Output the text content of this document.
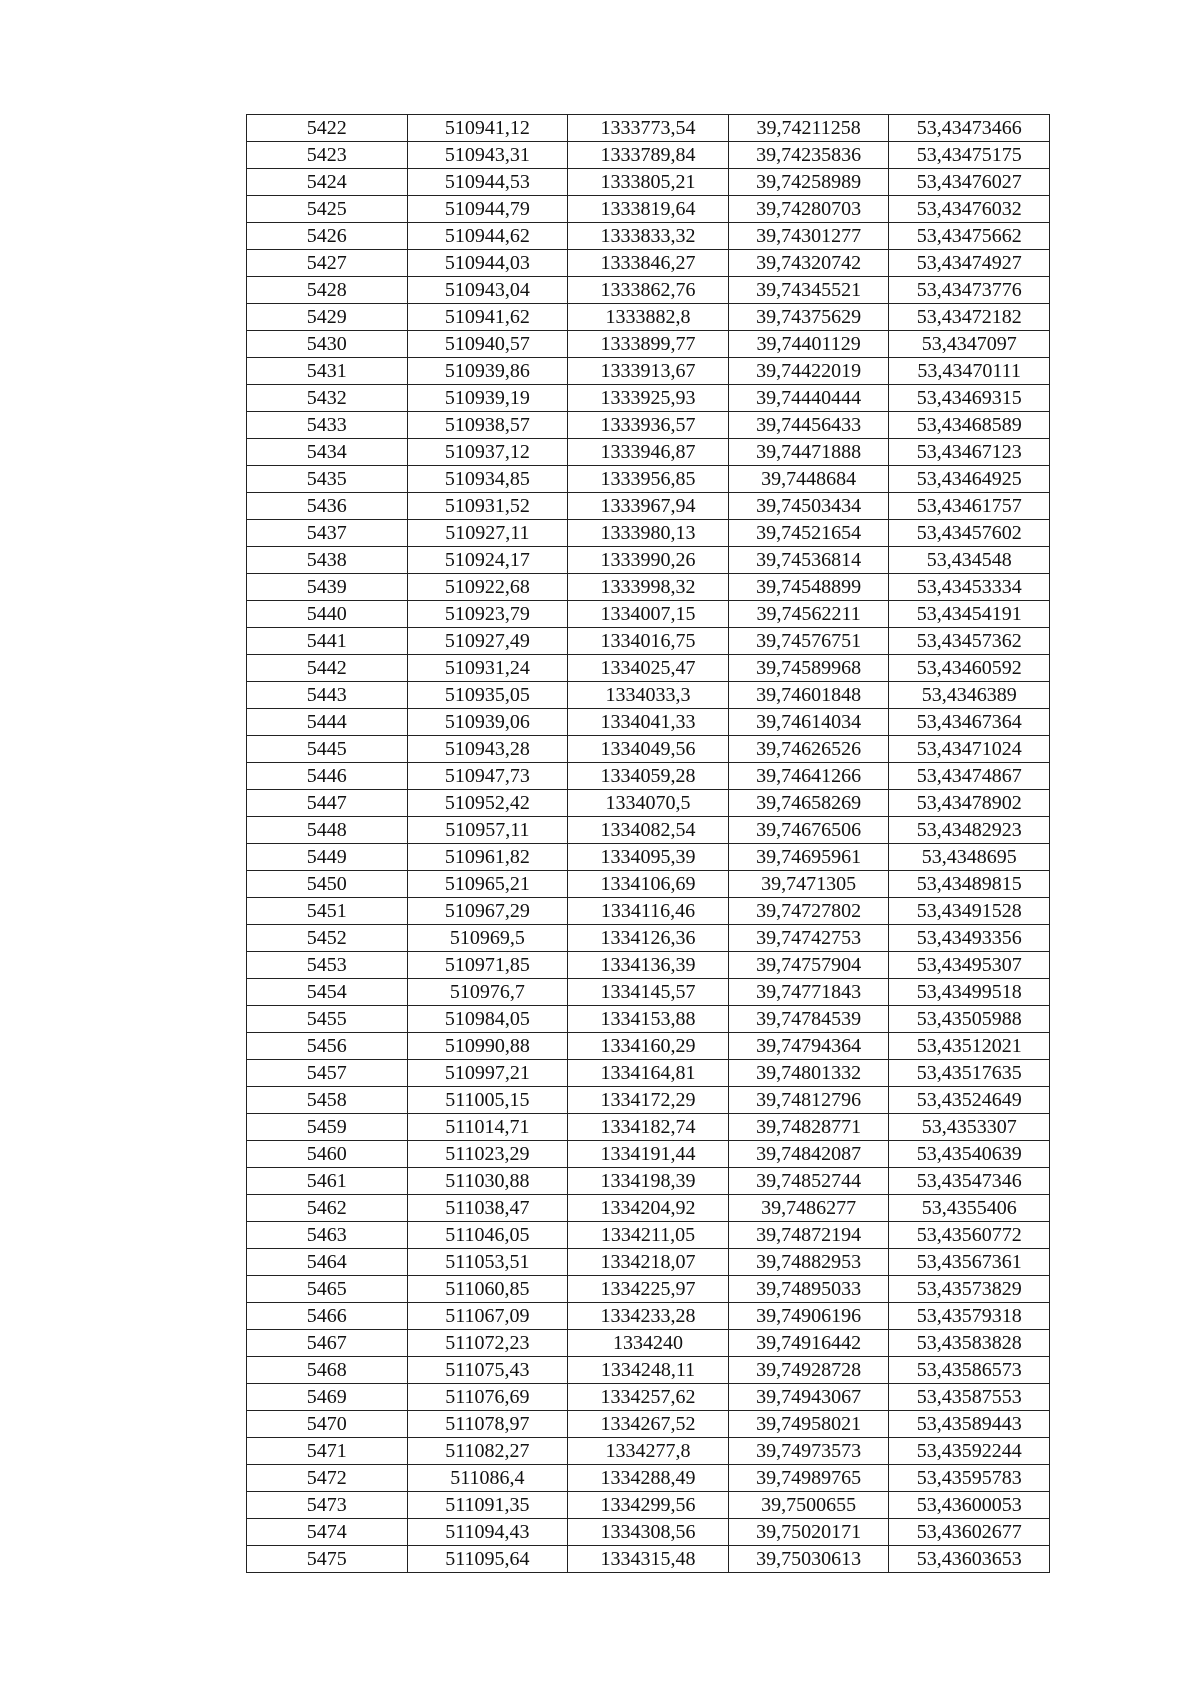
5422	510941,12	1333773,54	39,74211258	53,43473466
5423	510943,31	1333789,84	39,74235836	53,43475175
5424	510944,53	1333805,21	39,74258989	53,43476027
5425	510944,79	1333819,64	39,74280703	53,43476032
5426	510944,62	1333833,32	39,74301277	53,43475662
5427	510944,03	1333846,27	39,74320742	53,43474927
5428	510943,04	1333862,76	39,74345521	53,43473776
5429	510941,62	1333882,8	39,74375629	53,43472182
5430	510940,57	1333899,77	39,74401129	53,4347097
5431	510939,86	1333913,67	39,74422019	53,43470111
5432	510939,19	1333925,93	39,74440444	53,43469315
5433	510938,57	1333936,57	39,74456433	53,43468589
5434	510937,12	1333946,87	39,74471888	53,43467123
5435	510934,85	1333956,85	39,7448684	53,43464925
5436	510931,52	1333967,94	39,74503434	53,43461757
5437	510927,11	1333980,13	39,74521654	53,43457602
5438	510924,17	1333990,26	39,74536814	53,434548
5439	510922,68	1333998,32	39,74548899	53,43453334
5440	510923,79	1334007,15	39,74562211	53,43454191
5441	510927,49	1334016,75	39,74576751	53,43457362
5442	510931,24	1334025,47	39,74589968	53,43460592
5443	510935,05	1334033,3	39,74601848	53,4346389
5444	510939,06	1334041,33	39,74614034	53,43467364
5445	510943,28	1334049,56	39,74626526	53,43471024
5446	510947,73	1334059,28	39,74641266	53,43474867
5447	510952,42	1334070,5	39,74658269	53,43478902
5448	510957,11	1334082,54	39,74676506	53,43482923
5449	510961,82	1334095,39	39,74695961	53,4348695
5450	510965,21	1334106,69	39,7471305	53,43489815
5451	510967,29	1334116,46	39,74727802	53,43491528
5452	510969,5	1334126,36	39,74742753	53,43493356
5453	510971,85	1334136,39	39,74757904	53,43495307
5454	510976,7	1334145,57	39,74771843	53,43499518
5455	510984,05	1334153,88	39,74784539	53,43505988
5456	510990,88	1334160,29	39,74794364	53,43512021
5457	510997,21	1334164,81	39,74801332	53,43517635
5458	511005,15	1334172,29	39,74812796	53,43524649
5459	511014,71	1334182,74	39,74828771	53,4353307
5460	511023,29	1334191,44	39,74842087	53,43540639
5461	511030,88	1334198,39	39,74852744	53,43547346
5462	511038,47	1334204,92	39,7486277	53,4355406
5463	511046,05	1334211,05	39,74872194	53,43560772
5464	511053,51	1334218,07	39,74882953	53,43567361
5465	511060,85	1334225,97	39,74895033	53,43573829
5466	511067,09	1334233,28	39,74906196	53,43579318
5467	511072,23	1334240	39,74916442	53,43583828
5468	511075,43	1334248,11	39,74928728	53,43586573
5469	511076,69	1334257,62	39,74943067	53,43587553
5470	511078,97	1334267,52	39,74958021	53,43589443
5471	511082,27	1334277,8	39,74973573	53,43592244
5472	511086,4	1334288,49	39,74989765	53,43595783
5473	511091,35	1334299,56	39,7500655	53,43600053
5474	511094,43	1334308,56	39,75020171	53,43602677
5475	511095,64	1334315,48	39,75030613	53,43603653
